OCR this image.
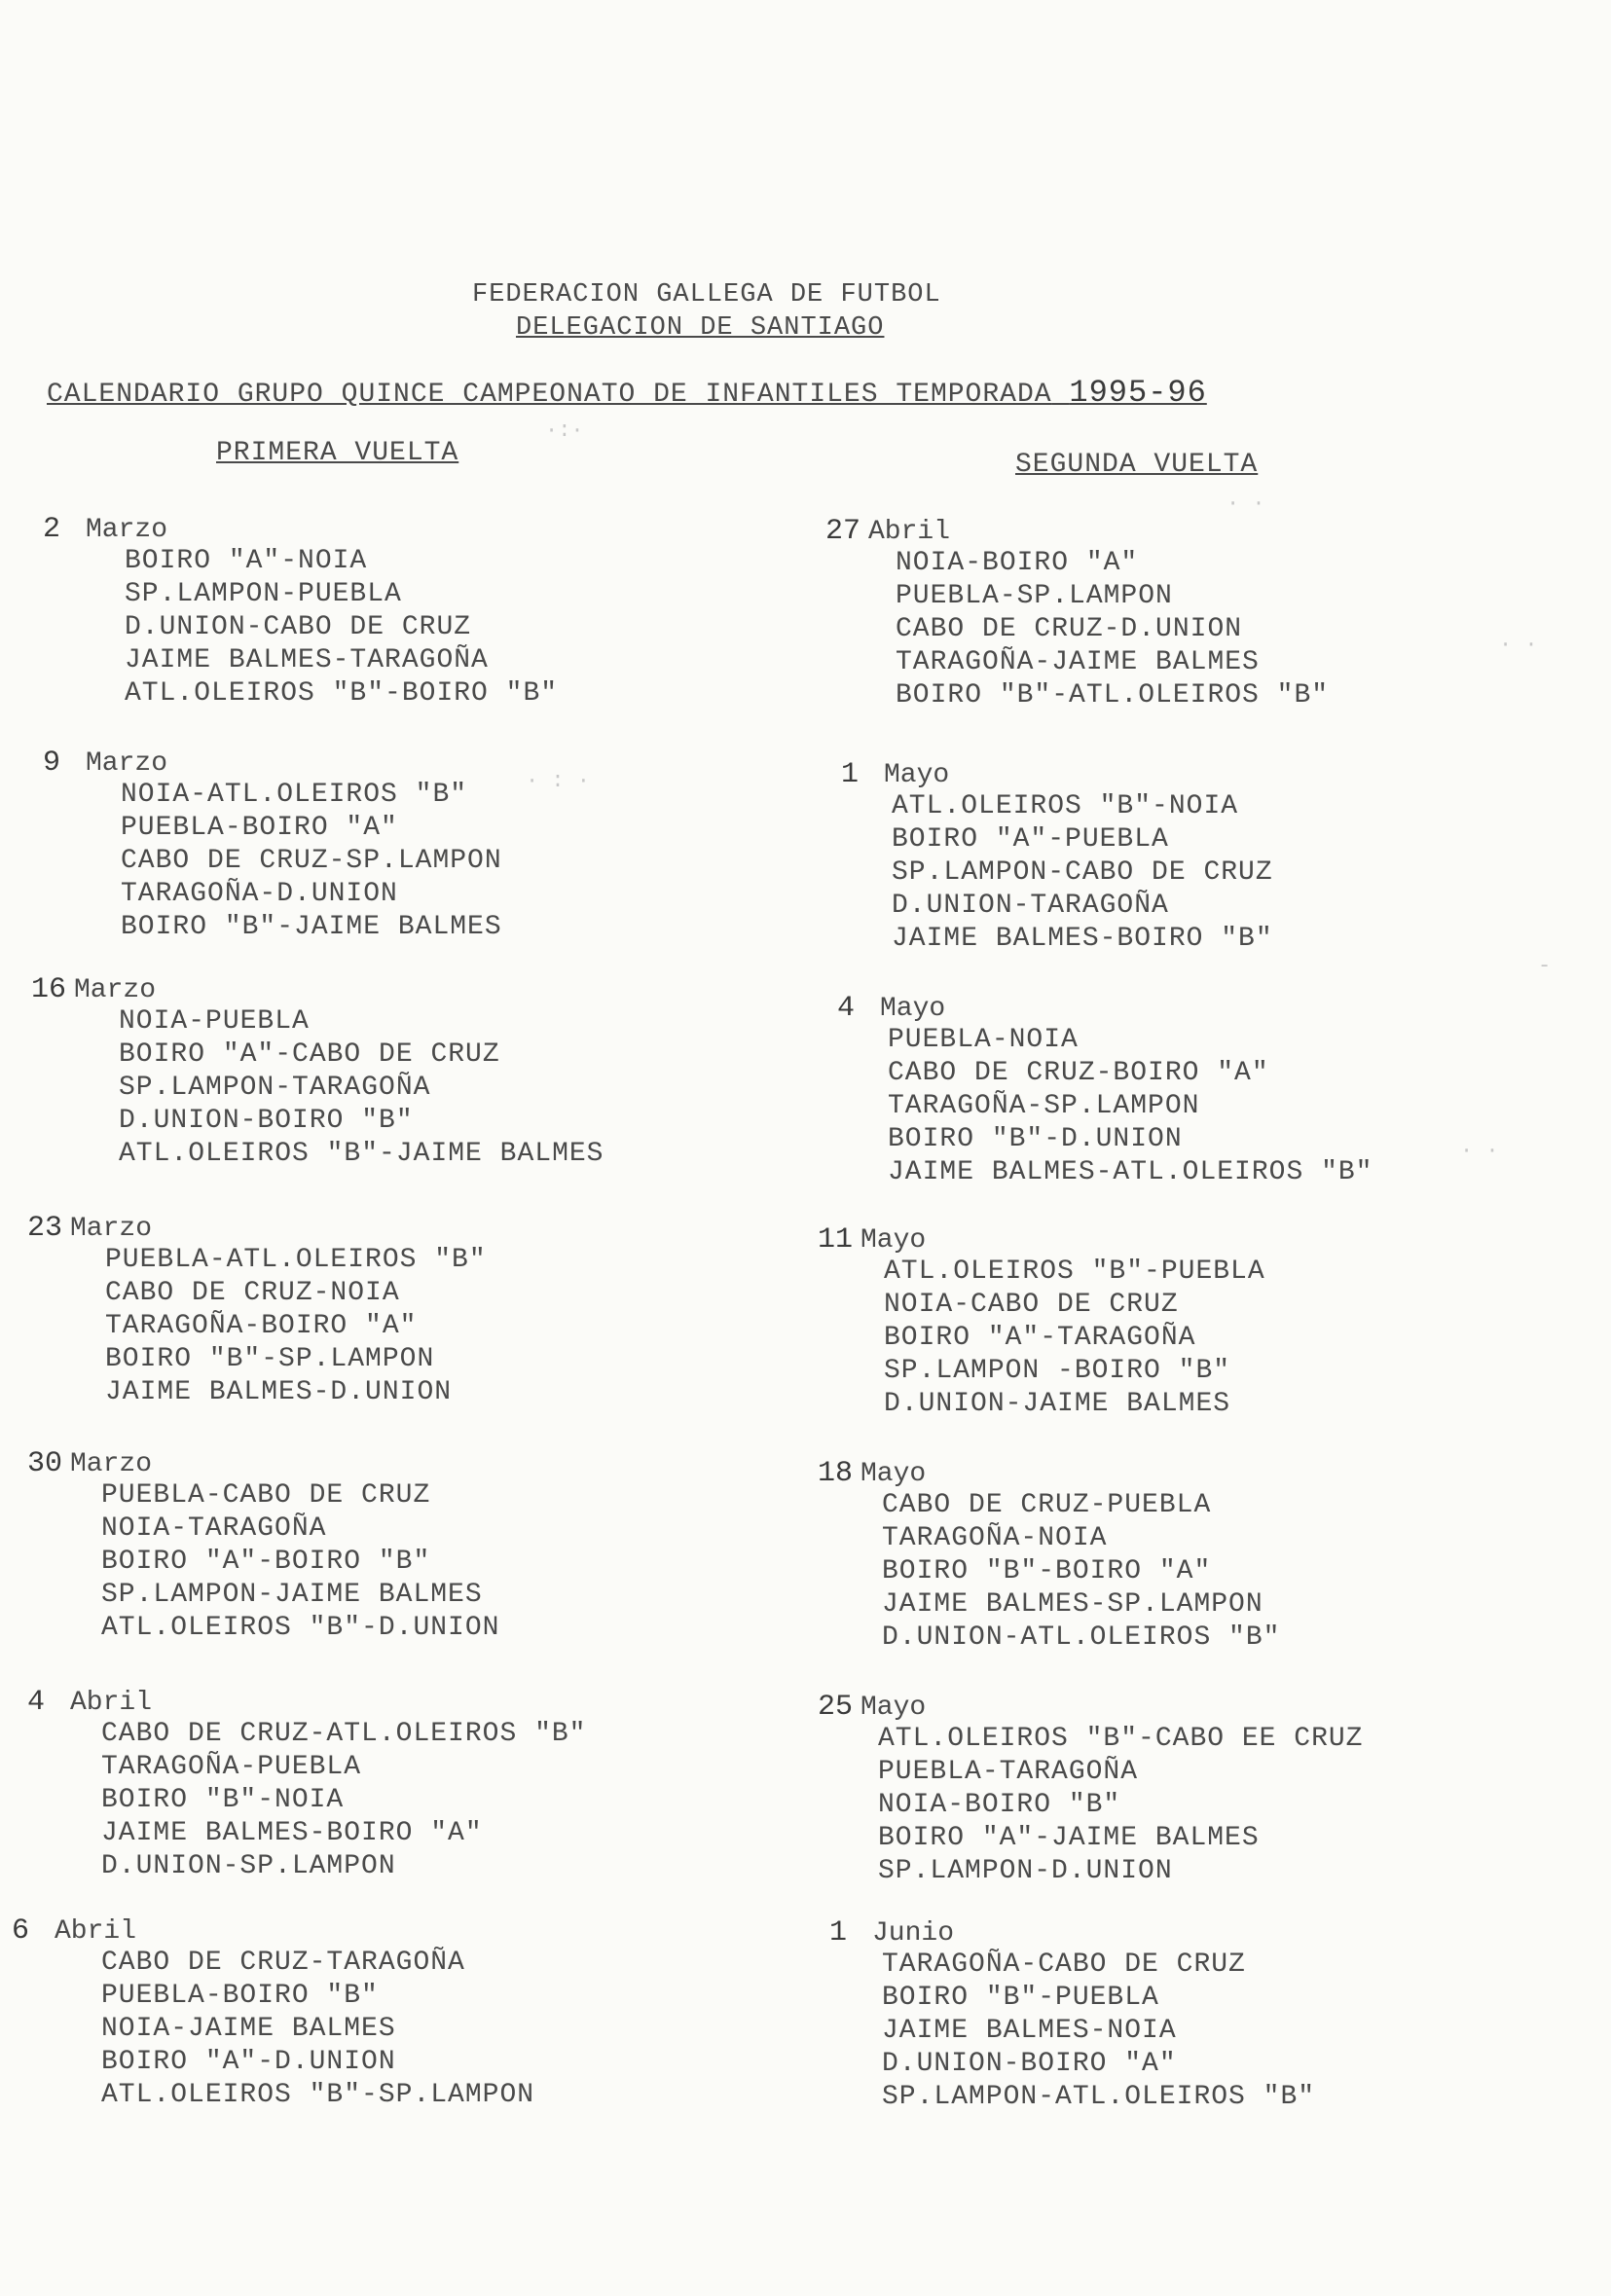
FEDERACION GALLEGA DE FUTBOL
DELEGACION DE SANTIAGO
CALENDARIO GRUPO QUINCE CAMPEONATO DE INFANTILES TEMPORADA 1995-96
PRIMERA VUELTA	SEGUNDA VUELTA
2 Marzo
BOIRO "A"-NOIA
SP.LAMPON-PUEBLA
D.UNION-CABO DE CRUZ
JAIME BALMES-TARAGOÑA
ATL.OLEIROS "B"-BOIRO "B"
9 Marzo
NOIA-ATL.OLEIROS "B"
PUEBLA-BOIRO "A"
CABO DE CRUZ-SP.LAMPON
TARAGOÑA-D.UNION
BOIRO "B"-JAIME BALMES
16 Marzo
NOIA-PUEBLA
BOIRO "A"-CABO DE CRUZ
SP.LAMPON-TARAGOÑA
D.UNION-BOIRO "B"
ATL.OLEIROS "B"-JAIME BALMES
23 Marzo
PUEBLA-ATL.OLEIROS "B"
CABO DE CRUZ-NOIA
TARAGOÑA-BOIRO "A"
BOIRO "B"-SP.LAMPON
JAIME BALMES-D.UNION
30 Marzo
PUEBLA-CABO DE CRUZ
NOIA-TARAGOÑA
BOIRO "A"-BOIRO "B"
SP.LAMPON-JAIME BALMES
ATL.OLEIROS "B"-D.UNION
4 Abril
CABO DE CRUZ-ATL.OLEIROS "B"
TARAGOÑA-PUEBLA
BOIRO "B"-NOIA
JAIME BALMES-BOIRO "A"
D.UNION-SP.LAMPON
6 Abril
CABO DE CRUZ-TARAGOÑA
PUEBLA-BOIRO "B"
NOIA-JAIME BALMES
BOIRO "A"-D.UNION
ATL.OLEIROS "B"-SP.LAMPON
27 Abril
NOIA-BOIRO "A"
PUEBLA-SP.LAMPON
CABO DE CRUZ-D.UNION
TARAGOÑA-JAIME BALMES
BOIRO "B"-ATL.OLEIROS "B"
1 Mayo
ATL.OLEIROS "B"-NOIA
BOIRO "A"-PUEBLA
SP.LAMPON-CABO DE CRUZ
D.UNION-TARAGOÑA
JAIME BALMES-BOIRO "B"
4 Mayo
PUEBLA-NOIA
CABO DE CRUZ-BOIRO "A"
TARAGOÑA-SP.LAMPON
BOIRO "B"-D.UNION
JAIME BALMES-ATL.OLEIROS "B"
11 Mayo
ATL.OLEIROS "B"-PUEBLA
NOIA-CABO DE CRUZ
BOIRO "A"-TARAGOÑA
SP.LAMPON -BOIRO "B"
D.UNION-JAIME BALMES
18 Mayo
CABO DE CRUZ-PUEBLA
TARAGOÑA-NOIA
BOIRO "B"-BOIRO "A"
JAIME BALMES-SP.LAMPON
D.UNION-ATL.OLEIROS "B"
25 Mayo
ATL.OLEIROS "B"-CABO EE CRUZ
PUEBLA-TARAGOÑA
NOIA-BOIRO "B"
BOIRO "A"-JAIME BALMES
SP.LAMPON-D.UNION
1 Junio
TARAGOÑA-CABO DE CRUZ
BOIRO "B"-PUEBLA
JAIME BALMES-NOIA
D.UNION-BOIRO "A"
SP.LAMPON-ATL.OLEIROS "B"
·:·
· ·
· ·
· : ·
-
· ·
